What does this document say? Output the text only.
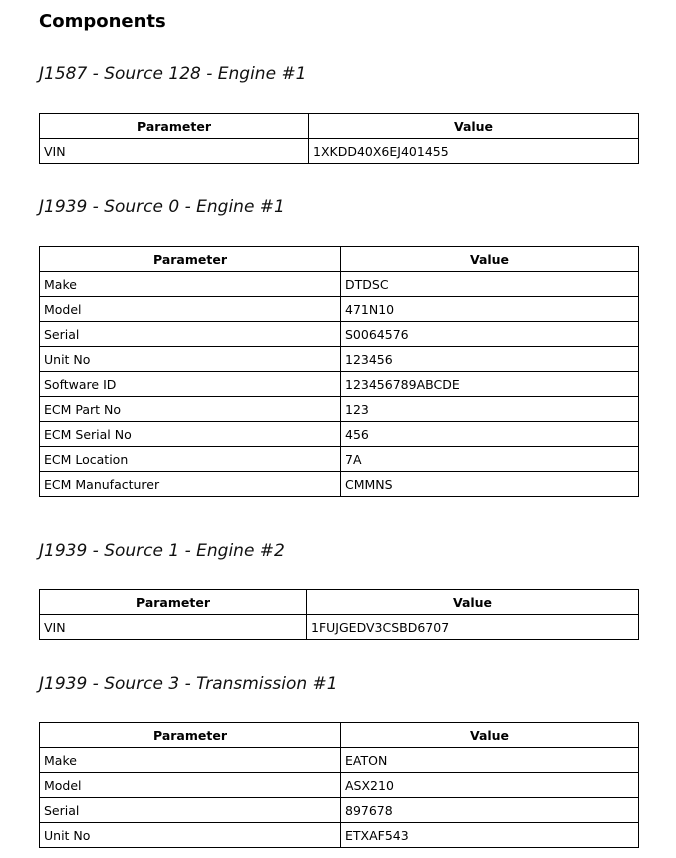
Components
J1587 - Source 128 - Engine #1
Parameter	Value
VIN	1XKDD40X6EJ401455
J1939 - Source 0 - Engine #1
Parameter	Value
Make	DTDSC
Model	471N10
Serial	S0064576
Unit No	123456
Software ID	123456789ABCDE
ECM Part No	123
ECM Serial No	456
ECM Location	7A
ECM Manufacturer	CMMNS
J1939 - Source 1 - Engine #2
Parameter	Value
VIN	1FUJGEDV3CSBD6707
J1939 - Source 3 - Transmission #1
Parameter	Value
Make	EATON
Model	ASX210
Serial	897678
Unit No	ETXAF543
